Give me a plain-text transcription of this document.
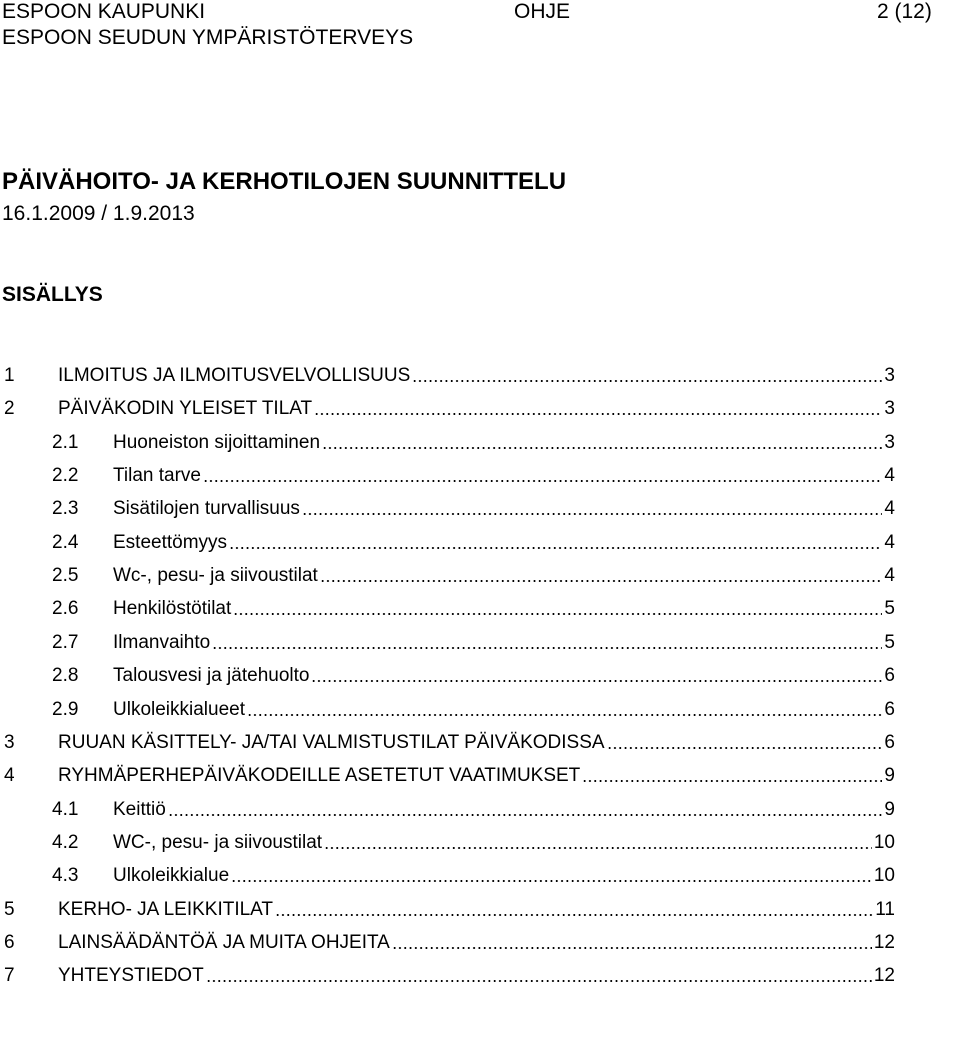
ESPOON KAUPUNKI
ESPOON SEUDUN YMPÄRISTÖTERVEYS
OHJE	2 (12)
PÄIVÄHOITO- JA KERHOTILOJEN SUUNNITTELU
16.1.2009 / 1.9.2013
SISÄLLYS
1	ILMOITUS JA ILMOITUSVELVOLLISUUS	3
2	PÄIVÄKODIN YLEISET TILAT	3
2.1	Huoneiston sijoittaminen	3
2.2	Tilan tarve	4
2.3	Sisätilojen turvallisuus	4
2.4	Esteettömyys	4
2.5	Wc-, pesu- ja siivoustilat	4
2.6	Henkilöstötilat	5
2.7	Ilmanvaihto	5
2.8	Talousvesi ja jätehuolto	6
2.9	Ulkoleikkialueet	6
3	RUUAN KÄSITTELY- JA/TAI VALMISTUSTILAT PÄIVÄKODISSA	6
4	RYHMÄPERHEPÄIVÄKODEILLE ASETETUT VAATIMUKSET	9
4.1	Keittiö	9
4.2	WC-, pesu- ja siivoustilat	10
4.3	Ulkoleikkialue	10
5	KERHO- JA LEIKKITILAT	11
6	LAINSÄÄDÄNTÖÄ JA MUITA OHJEITA	12
7	YHTEYSTIEDOT	12
